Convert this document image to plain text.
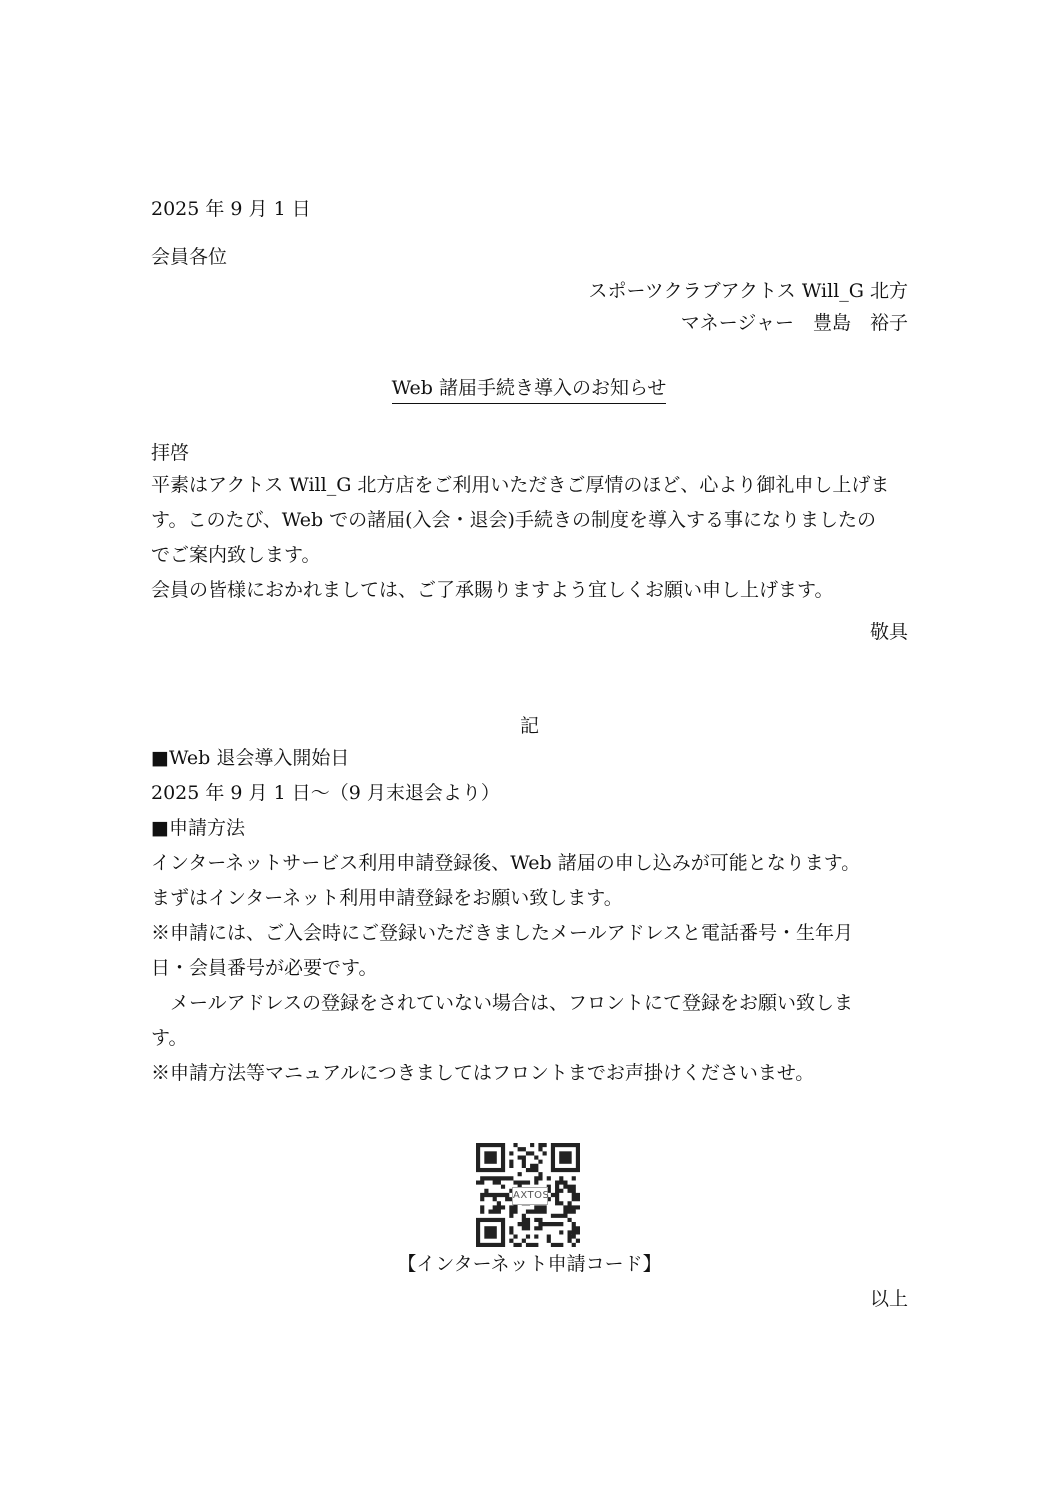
2025 年 9 月 1 日
会員各位
スポーツクラブアクトス Will_G 北方
マネージャー　豊島　裕子
Web 諸届手続き導入のお知らせ
拝啓

平素はアクトス Will_G 北方店をご利用いただきご厚情のほど、心より御礼申し上げま

す。このたび、Web での諸届(入会・退会)手続きの制度を導入する事になりましたの

でご案内致します。

会員の皆様におかれましては、ご了承賜りますよう宜しくお願い申し上げます。

敬具
記

■Web 退会導入開始日

2025 年 9 月 1 日～（9 月末退会より）

■申請方法

インターネットサービス利用申請登録後、Web 諸届の申し込みが可能となります。

まずはインターネット利用申請登録をお願い致します。

※申請には、ご入会時にご登録いただきましたメールアドレスと電話番号・生年月

日・会員番号が必要です。

　メールアドレスの登録をされていない場合は、フロントにて登録をお願い致しま

す。

※申請方法等マニュアルにつきましてはフロントまでお声掛けくださいませ。

AXTOS
【インターネット申請コード】
以上
